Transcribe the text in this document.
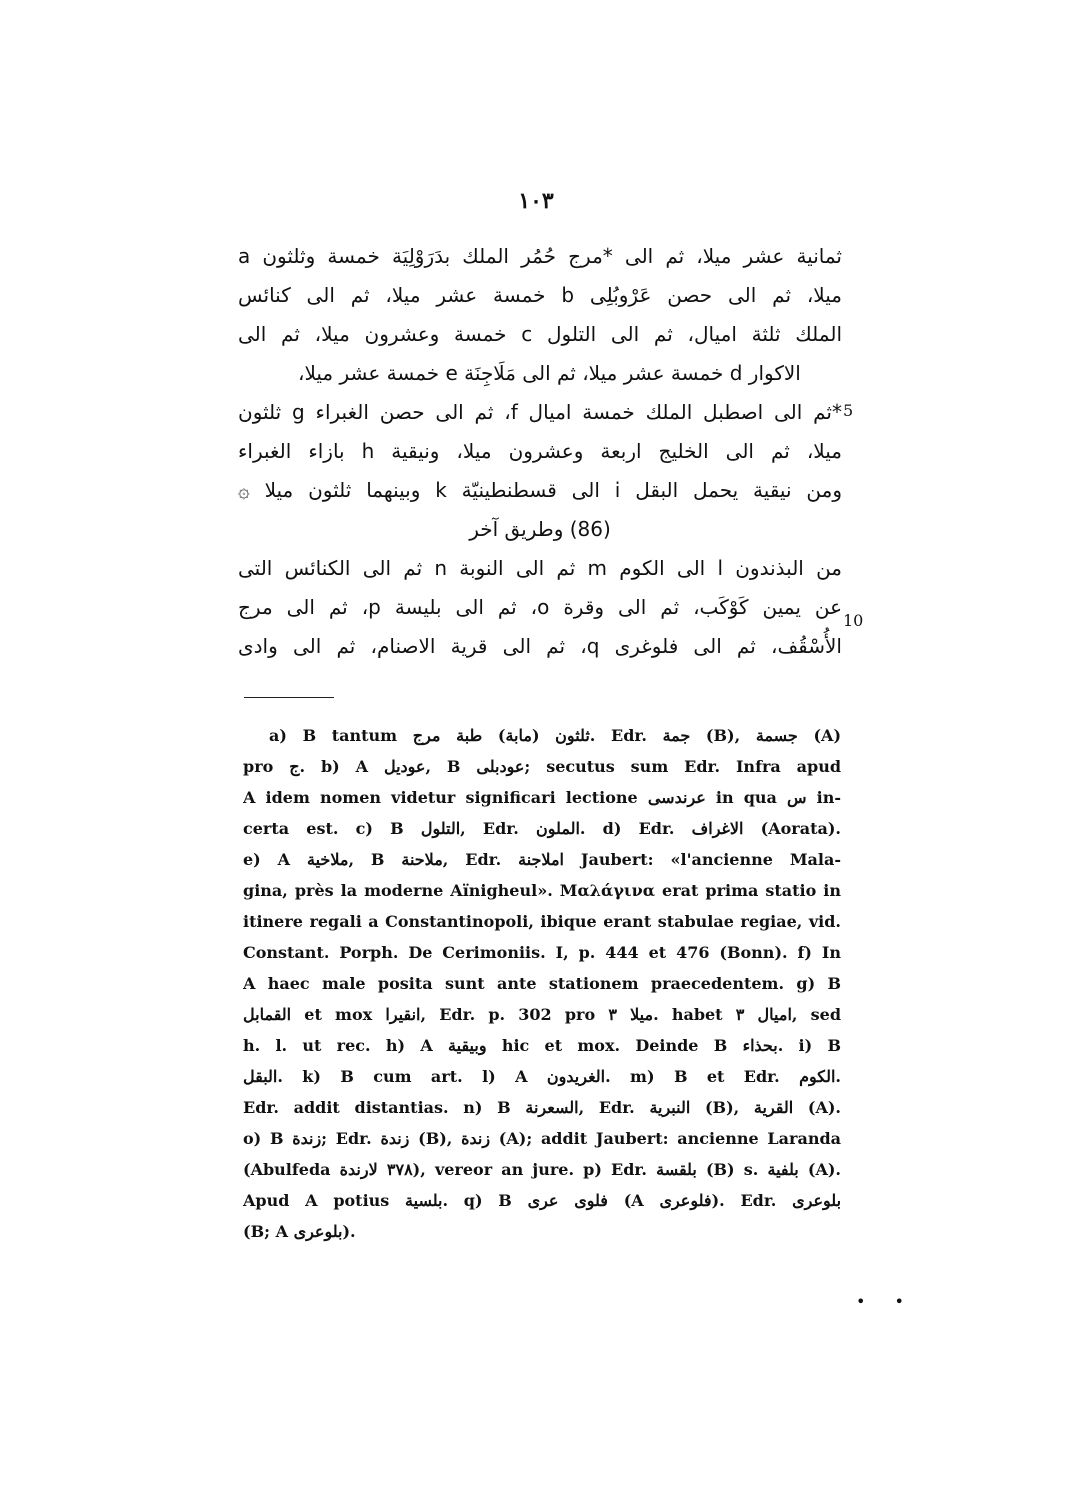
١٠٣
ثمانية عشر ميلا، ثم الى *مرج حُمُر الملك بدَرَوْلِيَة خمسة وثلثون a
ميلا، ثم الى حصن عَرْوبُلِى b خمسة عشر ميلا، ثم الى كنائس
الملك ثلثة اميال، ثم الى التلول c خمسة وعشرون ميلا، ثم الى
الاكوار d خمسة عشر ميلا، ثم الى مَلَاجِنَة e خمسة عشر ميلا،
*ثم الى اصطبل الملك خمسة اميال f، ثم الى حصن الغبراء g ثلثون
ميلا، ثم الى الخليج اربعة وعشرون ميلا، ونيقية h بازاء الغبراء
ومن نيقية يحمل البقل i الى قسطنطينيّة k وبينهما ثلثون ميلا ۞
(86) وطريق آخر
من البذندون l الى الكوم m ثم الى النوبة n ثم الى الكنائس التى
عن يمين كَوْكَب، ثم الى وقرة o، ثم الى بليسة p، ثم الى مرج
الأُسْقُف، ثم الى فلوغرى q، ثم الى قرية الاصنام، ثم الى وادى
5
10
a) B tantum ثلثون (مابة) طبة مرج. Edr. جمة (B), جسمة (A)
pro ج. b) A عوديل, B عودبلى; secutus sum Edr. Infra apud
A idem nomen videtur significari lectione عرندسى in qua س in-
certa est. c) B التلول, Edr. الملون. d) Edr. الاغراف (Aorata).
e) A ملاخية, B ملاحنة, Edr. املاجنة Jaubert: «l'ancienne Mala-
gina, près la moderne Aïnigheul». Μαλάγινα erat prima statio in
itinere regali a Constantinopoli, ibique erant stabulae regiae, vid.
Constant. Porph. De Cerimoniis. I, p. 444 et 476 (Bonn). f) In
A haec male posita sunt ante stationem praecedentem. g) B
القمابل et mox انقيرا, Edr. p. 302 pro ميلا ٣. habet اميال ٣, sed
h. l. ut rec. h) A وبيقية hic et mox. Deinde B بحذاء. i) B
البقل. k) B cum art. l) A الغريدون. m) B et Edr. الكوم.
Edr. addit distantias. n) B السعرنة, Edr. النبرية (B), القرية (A).
o) B زندة; Edr. زندة (B), زندة (A); addit Jaubert: ancienne Laranda
(Abulfeda ٣٧٨ لارندة), vereor an jure. p) Edr. بلقسة (B) s. بلفية (A).
Apud A potius بلسية. q) B فلوى عرى (A فلوعرى). Edr. بلوعرى
(B; A بلوعرى).
• •
